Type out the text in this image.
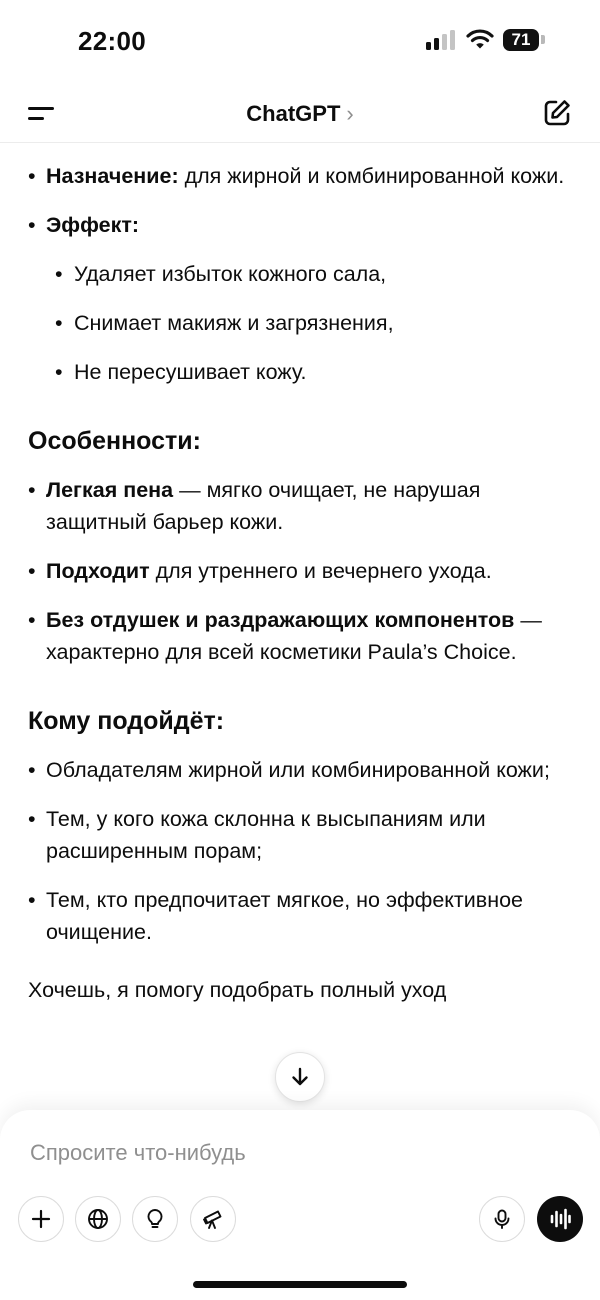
22:00	71
ChatGPT ›
• Назначение: для жирной и комбинированной кожи.
• Эффект:
• Удаляет избыток кожного сала,
• Снимает макияж и загрязнения,
• Не пересушивает кожу.
Особенности:
• Легкая пена — мягко очищает, не нарушая защитный барьер кожи.
• Подходит для утреннего и вечернего ухода.
• Без отдушек и раздражающих компонентов — характерно для всей косметики Paula’s Choice.
Кому подойдёт:
• Обладателям жирной или комбинированной кожи;
• Тем, у кого кожа склонна к высыпаниям или расширенным порам;
• Тем, кто предпочитает мягкое, но эффективное очищение.
Хочешь, я помогу подобрать полный уход
Спросите что-нибудь
